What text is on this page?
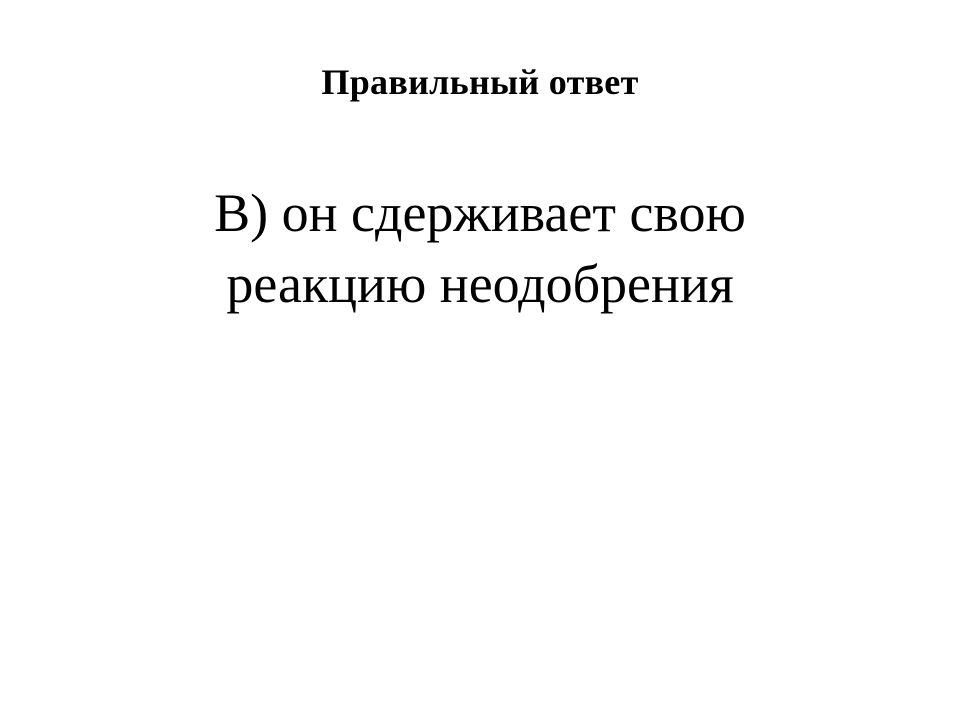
Правильный ответ
В) он сдерживает свою реакцию неодобрения
